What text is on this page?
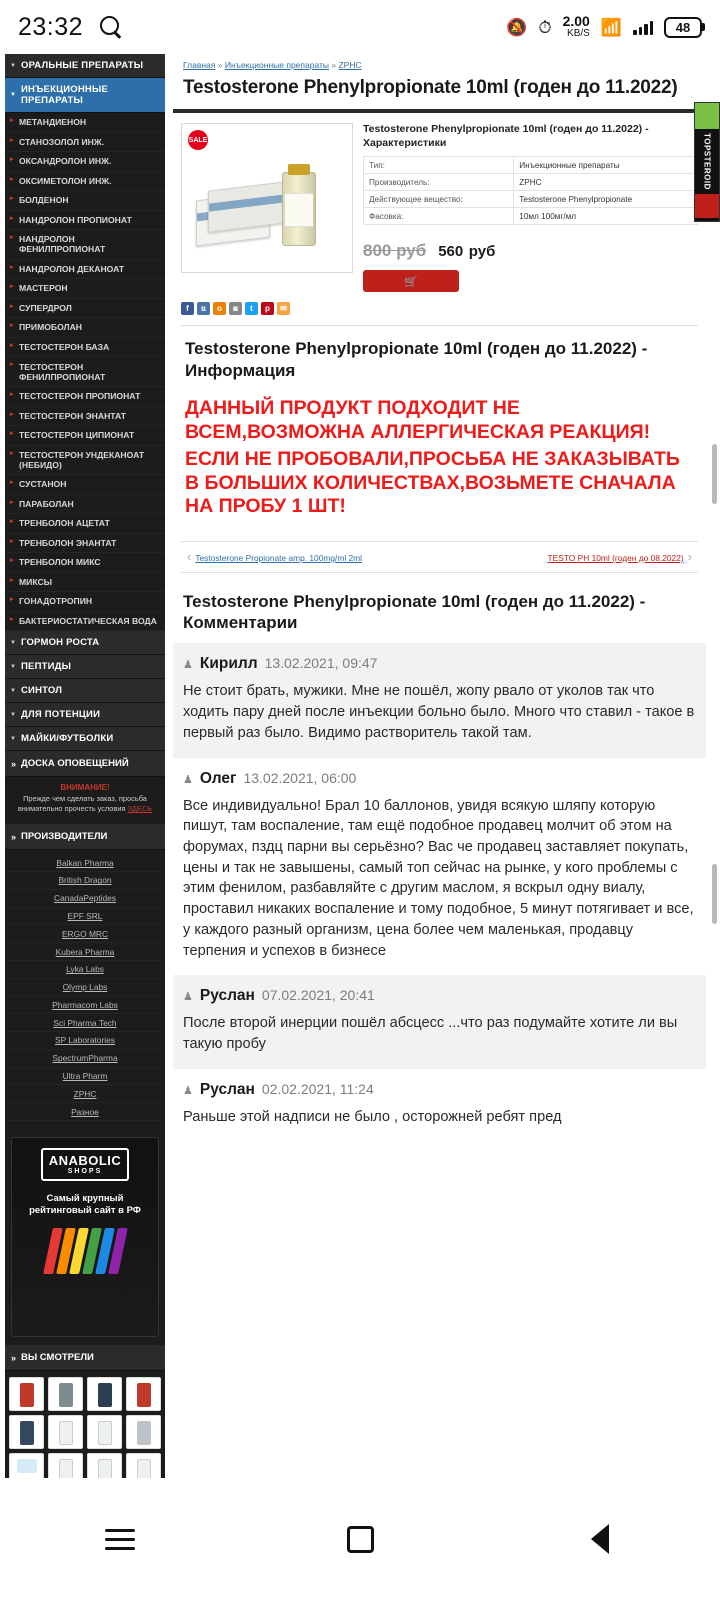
23:32	🔕 ⏱ 2.00
KB/S 📶	48
▼ ОРАЛЬНЫЕ ПРЕПАРАТЫ
▼ ИНЪЕКЦИОННЫЕ ПРЕПАРАТЫ
▸ МЕТАНДИЕНОН
▸ СТАНОЗОЛОЛ ИНЖ.
▸ ОКСАНДРОЛОН ИНЖ.
▸ ОКСИМЕТОЛОН ИНЖ.
▸ БОЛДЕНОН
▸ НАНДРОЛОН ПРОПИОНАТ
▸ НАНДРОЛОН ФЕНИЛПРОПИОНАТ
▸ НАНДРОЛОН ДЕКАНОАТ
▸ МАСТЕРОН
▸ СУПЕРДРОЛ
▸ ПРИМОБОЛАН
▸ ТЕСТОСТЕРОН БАЗА
▸ ТЕСТОСТЕРОН ФЕНИЛПРОПИОНАТ
▸ ТЕСТОСТЕРОН ПРОПИОНАТ
▸ ТЕСТОСТЕРОН ЭНАНТАТ
▸ ТЕСТОСТЕРОН ЦИПИОНАТ
▸ ТЕСТОСТЕРОН УНДЕКАНОАТ (НЕБИДО)
▸ СУСТАНОН
▸ ПАРАБОЛАН
▸ ТРЕНБОЛОН АЦЕТАТ
▸ ТРЕНБОЛОН ЭНАНТАТ
▸ ТРЕНБОЛОН МИКС
▸ МИКСЫ
▸ ГОНАДОТРОПИН
▸ БАКТЕРИОСТАТИЧЕСКАЯ ВОДА
▼ ГОРМОН РОСТА
▼ ПЕПТИДЫ
▼ СИНТОЛ
▼ ДЛЯ ПОТЕНЦИИ
▼ МАЙКИ/ФУТБОЛКИ
» ДОСКА ОПОВЕЩЕНИЙ
ВНИМАНИЕ!
Прежде чем сделать заказ, просьба внимательно прочесть условия ЗДЕСЬ
» ПРОИЗВОДИТЕЛИ
Balkan Pharma
British Dragon
CanadaPeptides
EPF SRL
ERGO MRC
Kubera Pharma
Lyka Labs
Olymp Labs
Pharmacom Labs
Sci Pharma Tech
SP Laboratories
SpectrumPharma
Ultra Pharm
ZPHC
Разное
ANABOLIC
SHOPS
Самый крупный рейтинговый сайт в РФ
» ВЫ СМОТРЕЛИ
Главная » Инъекционные препараты » ZPHC
Testosterone Phenylpropionate 10ml (годен до 11.2022)
SALE
Testosterone Phenylpropionate 10ml (годен до 11.2022) - Характеристики
Тип:	Инъекционные препараты
Производитель:	ZPHC
Действующее вещество:	Testosterone Phenylpropionate
Фасовка:	10мл 100мг/мл
800 руб 560 руб
🛒
f	в	o	◙	t	p	✉
Testosterone Phenylpropionate 10ml (годен до 11.2022) - Информация

ДАННЫЙ ПРОДУКТ ПОДХОДИТ НЕ ВСЕМ,ВОЗМОЖНА АЛЛЕРГИЧЕСКАЯ РЕАКЦИЯ!

ЕСЛИ НЕ ПРОБОВАЛИ,ПРОСЬБА НЕ ЗАКАЗЫВАТЬ В БОЛЬШИХ КОЛИЧЕСТВАХ,ВОЗЬМЕТЕ СНАЧАЛА НА ПРОБУ 1 ШТ!

‹ Testosterone Propionate amp. 100mg/ml 2ml	TESTO PH 10ml (годен до 08.2022) ›
Testosterone Phenylpropionate 10ml (годен до 11.2022) - Комментарии
♟ Кирилл 13.02.2021, 09:47
Не стоит брать, мужики. Мне не пошёл, жопу рвало от уколов так что ходить пару дней после инъекции больно было. Много что ставил - такое в первый раз было. Видимо растворитель такой там.
♟ Олег 13.02.2021, 06:00
Все индивидуально! Брал 10 баллонов, увидя всякую шляпу которую пишут, там воспаление, там ещё подобное продавец молчит об этом на форумах, пздц парни вы серьёзно? Вас че продавец заставляет покупать, цены и так не завышены, самый топ сейчас на рынке, у кого проблемы с этим фенилом, разбавляйте с другим маслом, я вскрыл одну виалу, проставил никаких воспаление и тому подобное, 5 минут потягивает и все, у каждого разный организм, цена более чем маленькая, продавцу терпения и успехов в бизнесе
♟ Руслан 07.02.2021, 20:41
После второй инерции пошёл абсцесс ...что раз подумайте хотите ли вы такую пробу
♟ Руслан 02.02.2021, 11:24
Раньше этой надписи не было , осторожней ребят пред
TOPSTEROID
